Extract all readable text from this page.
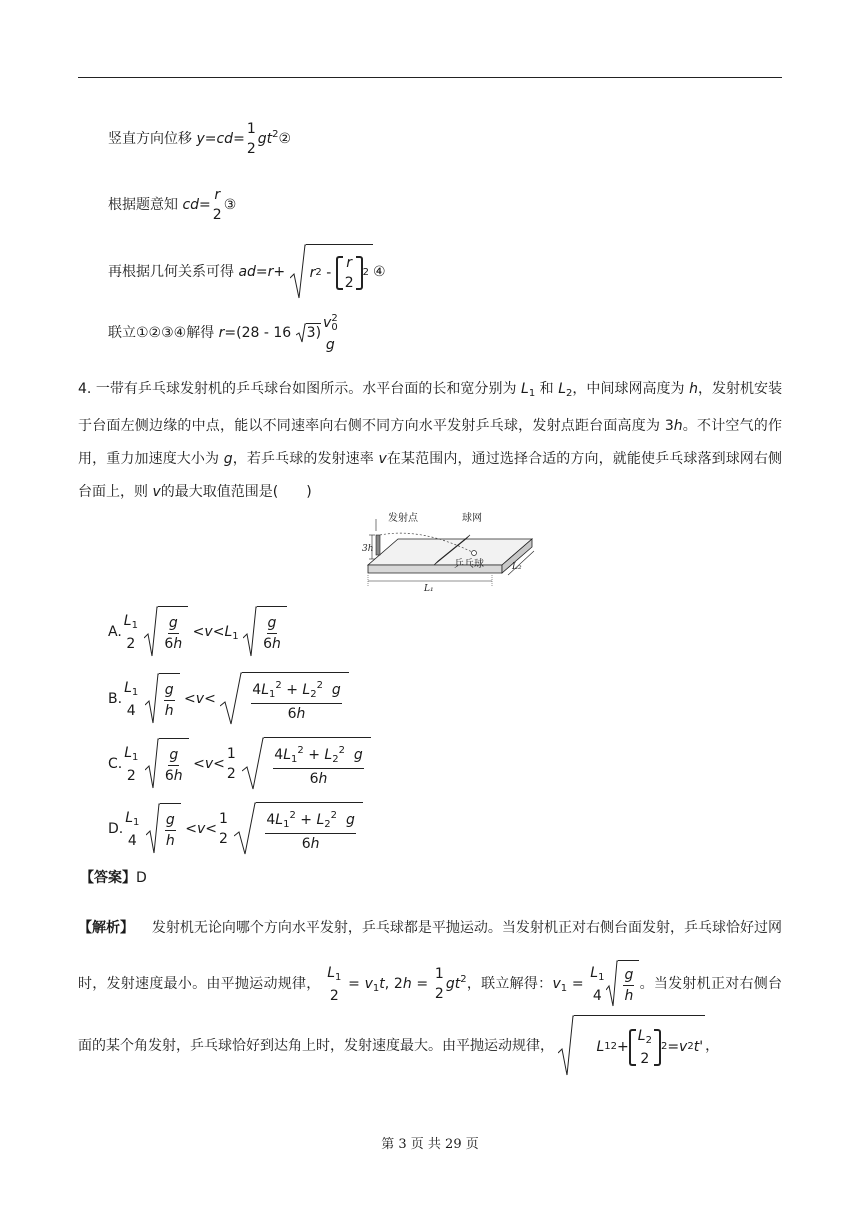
竖直方向位移 y=cd=
1
2
$gt^2②$
根据题意知 cd=
r
2
③
再根据几何关系可得 ad=r+ r 2
-

r
2
2 ④
联立①②③④解得 r=(28 - 16 3)
v 2
0
g
4. 一带有乒乓球发射机的乒乓球台如图所示。水平台面的长和宽分别为 $L_1$ 和 $L_2$，中间球网高度为 h，发射机安装于台面左侧边缘的中点，能以不同速率向右侧不同方向水平发射乒乓球，发射点距台面高度为 3h。不计空气的作用，重力加速度大小为 g，若乒乓球的发射速率 v在某范围内，通过选择合适的方向，就能使乒乓球落到球网右侧台面上，则 v的最大取值范围是(　　)
发射点	球网
乒乓球
3h
L₁
L₂
A.
$L_1$
2
$\frac{g}{6h} <v<L_1 \frac{g}{6h}$
B.
$L_1$
4
$\frac{g}{h} <v<$	$\frac{4L_1^2 + L_2^2 g}{6h}$
C.
$L_1$
2
$\frac{g}{6h} <v<$
1
2
	$\frac{4L_1^2 + L_2^2 g}{6h}$
D.
$L_1$
4
$\frac{g}{h} <v<$
1
2
	$\frac{4L_1^2 + L_2^2 g}{6h}$
【答案】D
【解析】 发射机无论向哪个方向水平发射，乒乓球都是平抛运动。当发射机正对右侧台面发射，乒乓球恰好过网时，发射速度最小。由平抛运动规律，
$L_1$
2
= $v_1t$, 2h =
1
2
$gt^2$，联立解得：$v_1$ =
$L_1$
$4 \frac{g}{h}$ 。当发射机正对右侧台面的某个角发射，乒乓球恰好到达角上时，发射速度最大。由平抛运动规律，	L 1 2 +
$L_2$
2
2 = v 2 t ' ，
第 3 页 共 29 页
